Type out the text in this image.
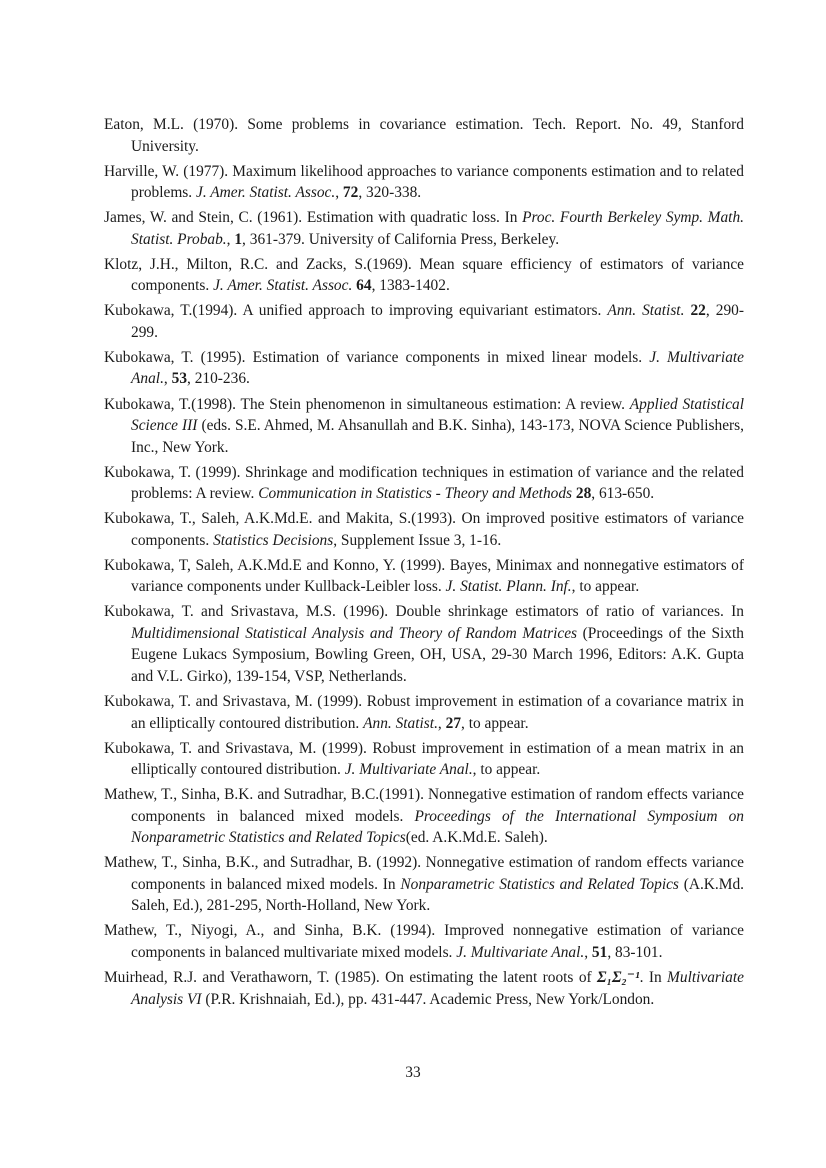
Eaton, M.L. (1970). Some problems in covariance estimation. Tech. Report. No. 49, Stanford University.

Harville, W. (1977). Maximum likelihood approaches to variance components estimation and to related problems. J. Amer. Statist. Assoc., 72, 320-338.

James, W. and Stein, C. (1961). Estimation with quadratic loss. In Proc. Fourth Berkeley Symp. Math. Statist. Probab., 1, 361-379. University of California Press, Berkeley.

Klotz, J.H., Milton, R.C. and Zacks, S.(1969). Mean square efficiency of estimators of variance components. J. Amer. Statist. Assoc. 64, 1383-1402.

Kubokawa, T.(1994). A unified approach to improving equivariant estimators. Ann. Statist. 22, 290-299.

Kubokawa, T. (1995). Estimation of variance components in mixed linear models. J. Multivariate Anal., 53, 210-236.

Kubokawa, T.(1998). The Stein phenomenon in simultaneous estimation: A review. Applied Statistical Science III (eds. S.E. Ahmed, M. Ahsanullah and B.K. Sinha), 143-173, NOVA Science Publishers, Inc., New York.

Kubokawa, T. (1999). Shrinkage and modification techniques in estimation of variance and the related problems: A review. Communication in Statistics - Theory and Methods 28, 613-650.

Kubokawa, T., Saleh, A.K.Md.E. and Makita, S.(1993). On improved positive estimators of variance components. Statistics Decisions, Supplement Issue 3, 1-16.

Kubokawa, T, Saleh, A.K.Md.E and Konno, Y. (1999). Bayes, Minimax and nonnegative estimators of variance components under Kullback-Leibler loss. J. Statist. Plann. Inf., to appear.

Kubokawa, T. and Srivastava, M.S. (1996). Double shrinkage estimators of ratio of variances. In Multidimensional Statistical Analysis and Theory of Random Matrices (Proceedings of the Sixth Eugene Lukacs Symposium, Bowling Green, OH, USA, 29-30 March 1996, Editors: A.K. Gupta and V.L. Girko), 139-154, VSP, Netherlands.

Kubokawa, T. and Srivastava, M. (1999). Robust improvement in estimation of a covariance matrix in an elliptically contoured distribution. Ann. Statist., 27, to appear.

Kubokawa, T. and Srivastava, M. (1999). Robust improvement in estimation of a mean matrix in an elliptically contoured distribution. J. Multivariate Anal., to appear.

Mathew, T., Sinha, B.K. and Sutradhar, B.C.(1991). Nonnegative estimation of random effects variance components in balanced mixed models. Proceedings of the International Symposium on Nonparametric Statistics and Related Topics(ed. A.K.Md.E. Saleh).

Mathew, T., Sinha, B.K., and Sutradhar, B. (1992). Nonnegative estimation of random effects variance components in balanced mixed models. In Nonparametric Statistics and Related Topics (A.K.Md. Saleh, Ed.), 281-295, North-Holland, New York.

Mathew, T., Niyogi, A., and Sinha, B.K. (1994). Improved nonnegative estimation of variance components in balanced multivariate mixed models. J. Multivariate Anal., 51, 83-101.

Muirhead, R.J. and Verathaworn, T. (1985). On estimating the latent roots of Σ₁Σ₂⁻¹. In Multivariate Analysis VI (P.R. Krishnaiah, Ed.), pp. 431-447. Academic Press, New York/London.

33
